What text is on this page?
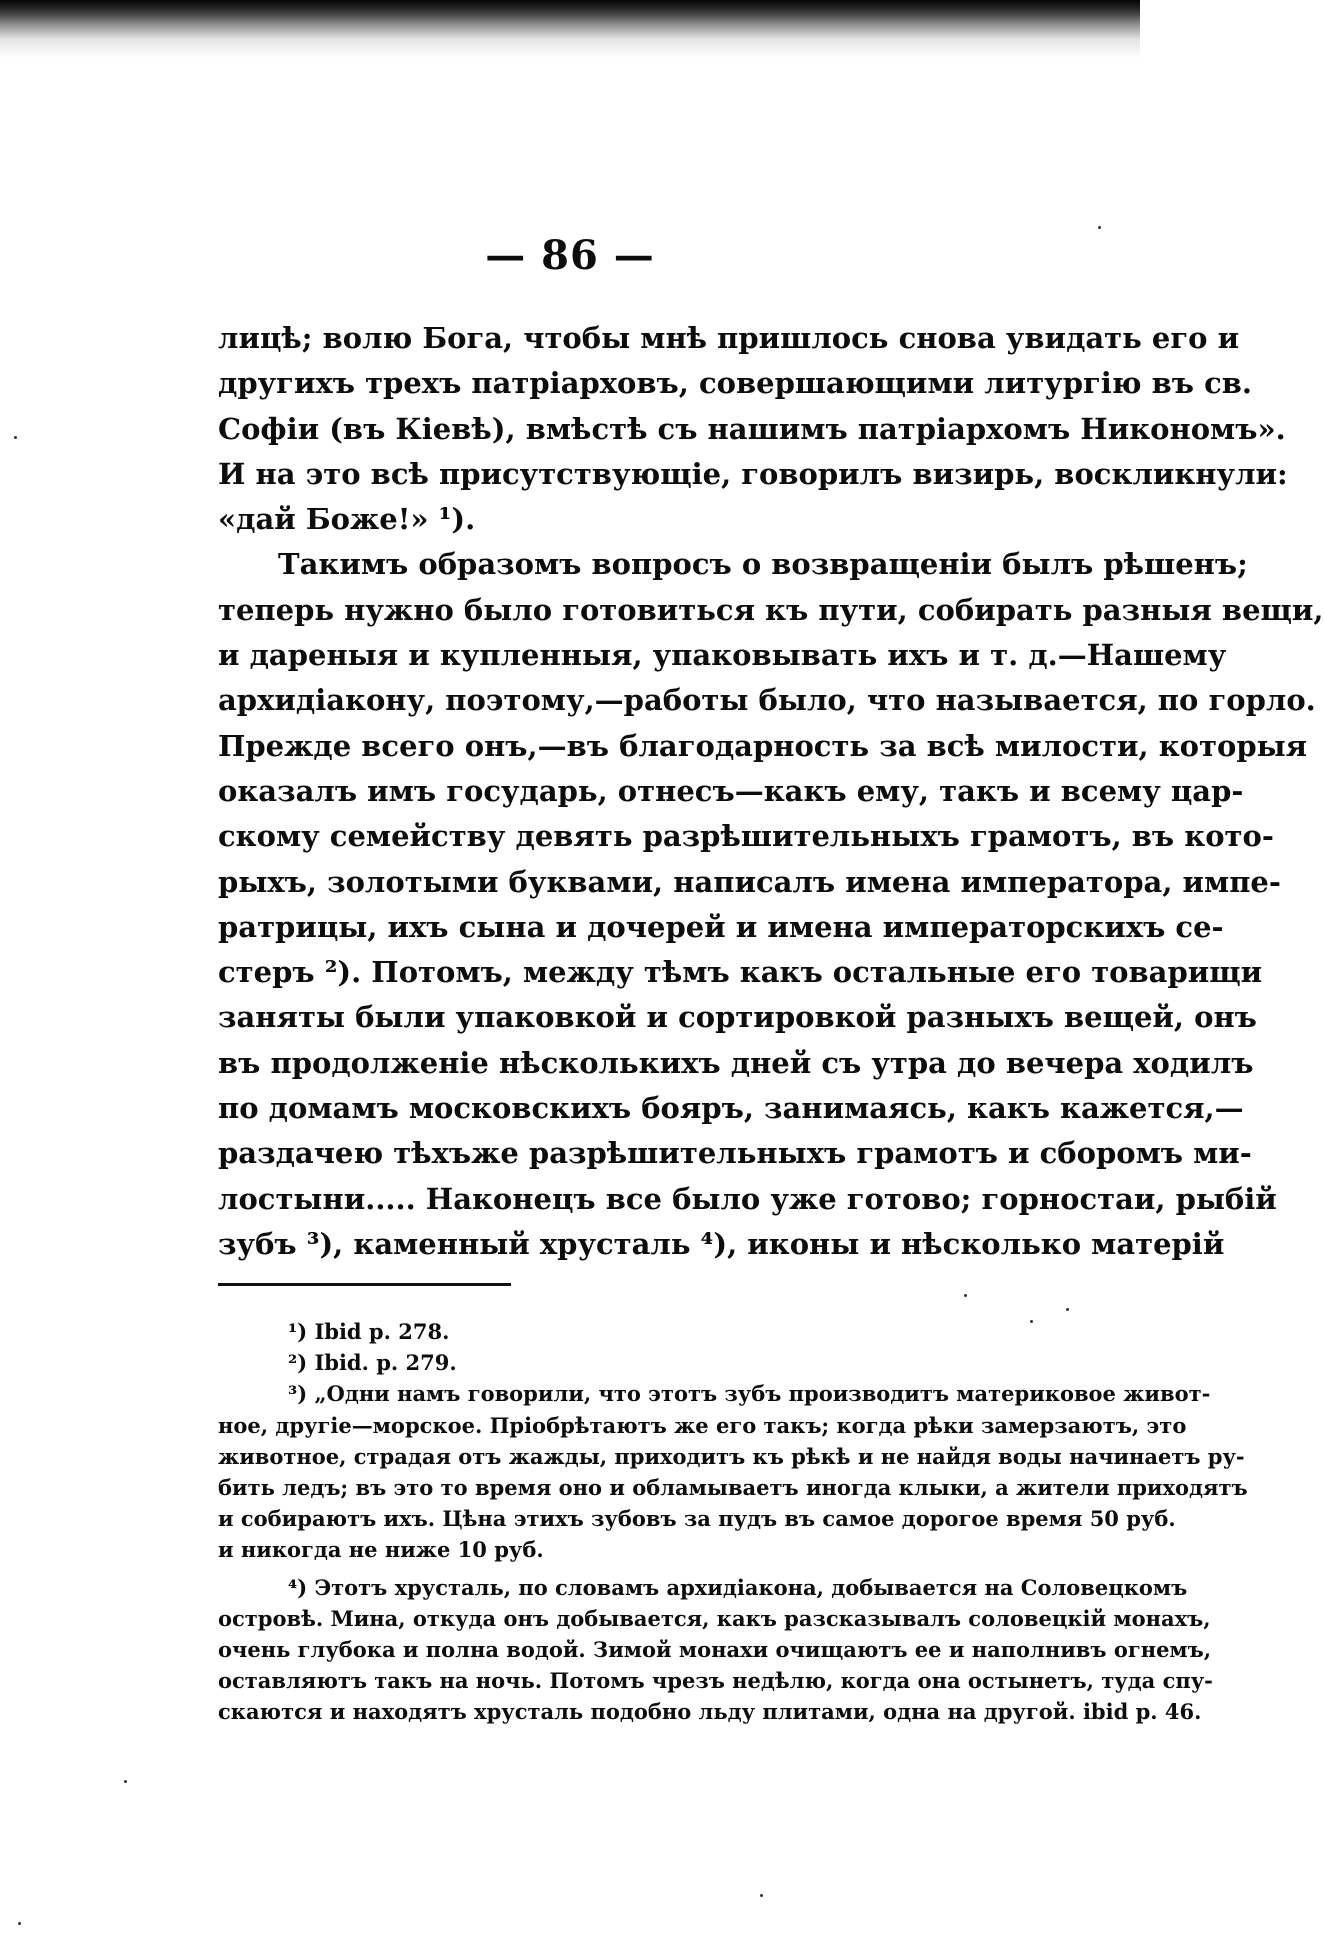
— 86 —
лицѣ; волю Бога, чтобы мнѣ пришлось снова увидать его и
другихъ трехъ патріарховъ, совершающими литургію въ св.
Софіи (въ Кіевѣ), вмѣстѣ съ нашимъ патріархомъ Никономъ».
И на это всѣ присутствующіе, говорилъ визирь, воскликнули:
«дай Боже!» ¹).
Такимъ образомъ вопросъ о возвращеніи былъ рѣшенъ;
теперь нужно было готовиться къ пути, собирать разныя вещи,
и дареныя и купленныя, упаковывать ихъ и т. д.—Нашему
архидіакону, поэтому,—работы было, что называется, по горло.
Прежде всего онъ,—въ благодарность за всѣ милости, которыя
оказалъ имъ государь, отнесъ—какъ ему, такъ и всему цар-
скому семейству девять разрѣшительныхъ грамотъ, въ кото-
рыхъ, золотыми буквами, написалъ имена императора, импе-
ратрицы, ихъ сына и дочерей и имена императорскихъ се-
стеръ ²). Потомъ, между тѣмъ какъ остальные его товарищи
заняты были упаковкой и сортировкой разныхъ вещей, онъ
въ продолженіе нѣсколькихъ дней съ утра до вечера ходилъ
по домамъ московскихъ бояръ, занимаясь, какъ кажется,—
раздачею тѣхъже разрѣшительныхъ грамотъ и сборомъ ми-
лостыни..... Наконецъ все было уже готово; горностаи, рыбій
зубъ ³), каменный хрусталь ⁴), иконы и нѣсколько матерій
¹) Ibid p. 278.
²) Ibid. p. 279.
³) „Одни намъ говорили, что этотъ зубъ производитъ материковое живот-
ное, другіе—морское. Пріобрѣтаютъ же его такъ; когда рѣки замерзаютъ, это
животное, страдая отъ жажды, приходитъ къ рѣкѣ и не найдя воды начинаетъ ру-
бить ледъ; въ это то время оно и обламываетъ иногда клыки, а жители приходятъ
и собираютъ ихъ. Цѣна этихъ зубовъ за пудъ въ самое дорогое время 50 руб.
и никогда не ниже 10 руб.
⁴) Этотъ хрусталь, по словамъ архидіакона, добывается на Соловецкомъ
островѣ. Мина, откуда онъ добывается, какъ разсказывалъ соловецкій монахъ,
очень глубока и полна водой. Зимой монахи очищаютъ ее и наполнивъ огнемъ,
оставляютъ такъ на ночь. Потомъ чрезъ недѣлю, когда она остынетъ, туда спу-
скаются и находятъ хрусталь подобно льду плитами, одна на другой. ibid p. 46.
